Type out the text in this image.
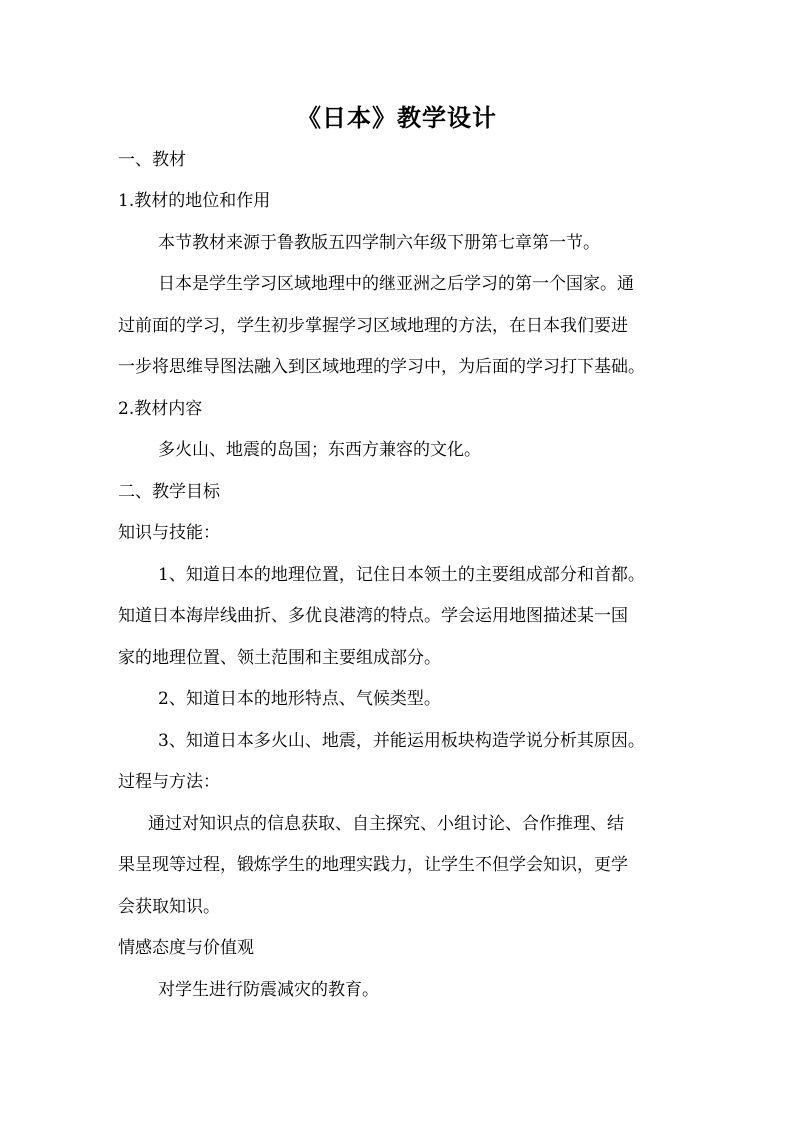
《日本》教学设计
一、教材
1.教材的地位和作用
本节教材来源于鲁教版五四学制六年级下册第七章第一节。
日本是学生学习区域地理中的继亚洲之后学习的第一个国家。通
过前面的学习，学生初步掌握学习区域地理的方法，在日本我们要进
一步将思维导图法融入到区域地理的学习中，为后面的学习打下基础。
2.教材内容
多火山、地震的岛国；东西方兼容的文化。
二、教学目标
知识与技能：
1、知道日本的地理位置，记住日本领土的主要组成部分和首都。
知道日本海岸线曲折、多优良港湾的特点。学会运用地图描述某一国
家的地理位置、领土范围和主要组成部分。
2、知道日本的地形特点、气候类型。
3、知道日本多火山、地震，并能运用板块构造学说分析其原因。
过程与方法：
通过对知识点的信息获取、自主探究、小组讨论、合作推理、结
果呈现等过程，锻炼学生的地理实践力，让学生不但学会知识，更学
会获取知识。
情感态度与价值观
对学生进行防震减灾的教育。
